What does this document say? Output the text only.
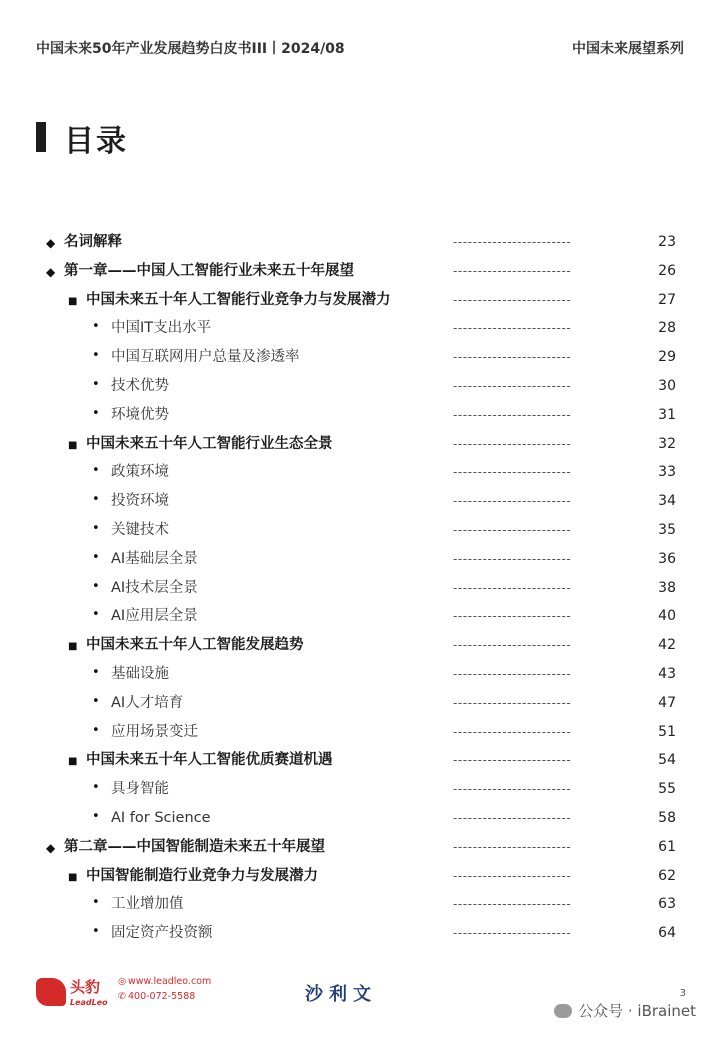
中国未来50年产业发展趋势白皮书III丨2024/08	中国未来展望系列
目录
◆ 名词解释	------------------------	23
◆ 第一章——中国人工智能行业未来五十年展望	------------------------	26
■ 中国未来五十年人工智能行业竞争力与发展潜力	------------------------	27
• 中国IT支出水平	------------------------	28
• 中国互联网用户总量及渗透率	------------------------	29
• 技术优势	------------------------	30
• 环境优势	------------------------	31
■ 中国未来五十年人工智能行业生态全景	------------------------	32
• 政策环境	------------------------	33
• 投资环境	------------------------	34
• 关键技术	------------------------	35
• AI基础层全景	------------------------	36
• AI技术层全景	------------------------	38
• AI应用层全景	------------------------	40
■ 中国未来五十年人工智能发展趋势	------------------------	42
• 基础设施	------------------------	43
• AI人才培育	------------------------	47
• 应用场景变迁	------------------------	51
■ 中国未来五十年人工智能优质赛道机遇	------------------------	54
• 具身智能	------------------------	55
• AI for Science	------------------------	58
◆ 第二章——中国智能制造未来五十年展望	------------------------	61
■ 中国智能制造行业竞争力与发展潜力	------------------------	62
• 工业增加值	------------------------	63
• 固定资产投资额	------------------------	64
头豹
LeadLeo
◎ www.leadleo.com
✆ 400-072-5588	沙利文	3
公众号 · iBrainet
